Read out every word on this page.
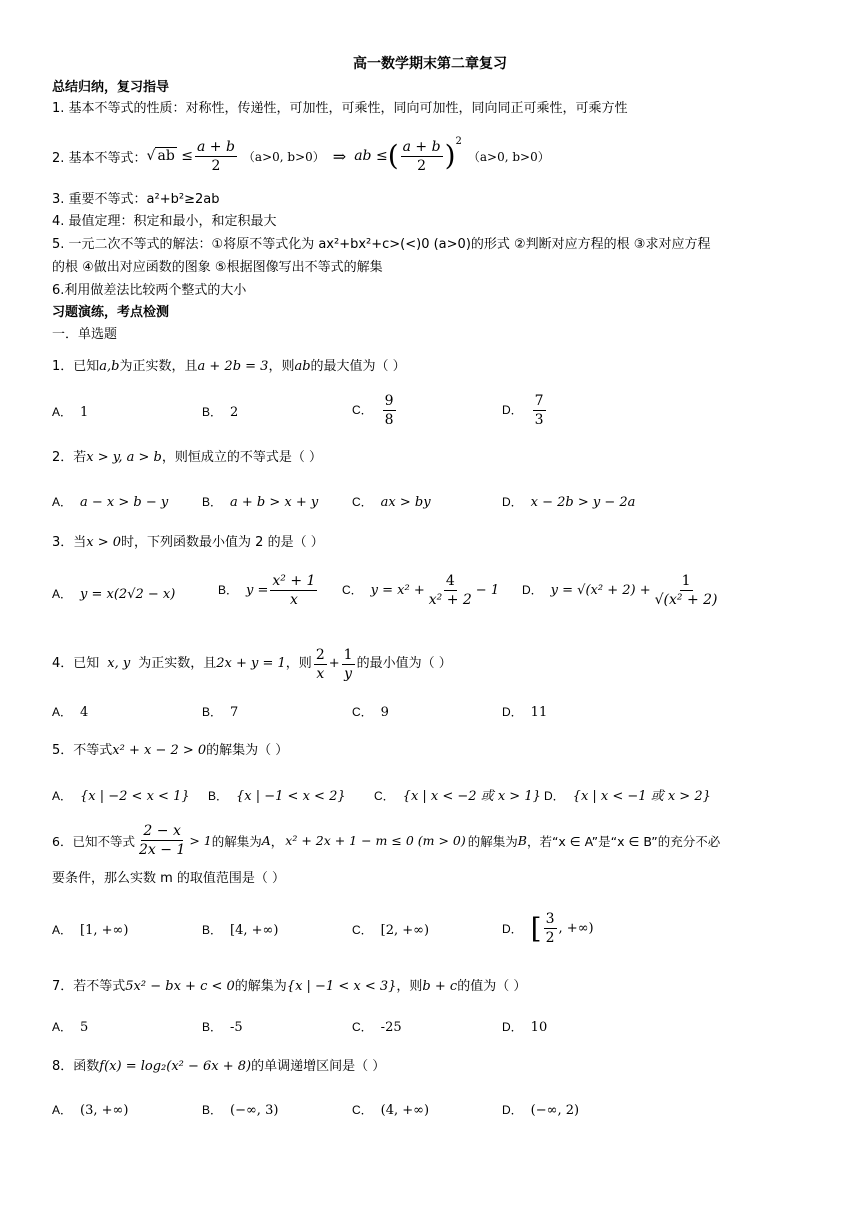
高一数学期末第二章复习
总结归纳，复习指导
1. 基本不等式的性质：对称性，传递性，可加性，可乘性，同向可加性，同向同正可乘性，可乘方性
2. 基本不等式： √ ab ≤ $\frac{a + b}{2} (a>0$, b>0） ⇒ ab ≤ ( $\frac{a + b}{2}$ ) 2
（a>0, b>0）
3. 重要不等式：a²+b²≥2ab
4. 最值定理：积定和最小，和定积最大
5. 一元二次不等式的解法：①将原不等式化为 ax²+bx²+c>(<)0 (a>0)的形式 ②判断对应方程的根 ③求对应方程
的根 ④做出对应函数的图象 ⑤根据图像写出不等式的解集
6.利用做差法比较两个整式的大小
习题演练，考点检测
一．单选题
1．已知a,b为正实数，且a + 2b = 3，则ab的最大值为（ ）
A． 1	B． 2	C． $\frac{9}{8}$	D． $\frac{7}{3}$
2．若x > y, a > b，则恒成立的不等式是（ ）
A． a − x > b − y	B． a + b > x + y	C． ax > by	D． x − 2b > y − 2a
3．当x > 0时，下列函数最小值为 2 的是（ ）
A． y = x(2√2 − x)	B． $y = \frac{\text{x² + 1}}{x}$ C． $y = x^2 + \frac{4}{\text{x² + 2}} - 1$ D． $y = √(x^2 + 2) + \frac{1}{\text{√(x² + 2)}}$
4．已知 x, y 为正实数，且 2x + y = 1 ，则 $\frac{2}{x} + \frac{1}{y}$ 的最小值为（ ）
A． 4	B． 7	C． 9	D． 11
5．不等式x² + x − 2 > 0的解集为（ ）
A． {x | −2 < x < 1} B． {x | −1 < x < 2} C． {x | x < −2 或 x > 1} D． {x | x < −1 或 x > 2}
6．已知不等式 $\frac{2 - x}{2x - 1} > 1$ 的解集为 A ， x² + 2x + 1 − m ≤ 0 (m > 0) 的解集为 B ，若“x ∈ A”是“x ∈ B”的充分不必
要条件，那么实数 m 的取值范围是（ ）
A． [1, +∞)	B． [4, +∞)	C． [2, +∞)	D． [ $\frac{3}{2}$ , +∞)
7．若不等式5x² − bx + c < 0的解集为{x | −1 < x < 3}，则b + c的值为（ ）
A． 5	B． -5	C． -25	D． 10
8．函数f(x) = log₂(x² − 6x + 8)的单调递增区间是（ ）
A． (3, +∞)	B． (−∞, 3)	C． (4, +∞)	D． (−∞, 2)
